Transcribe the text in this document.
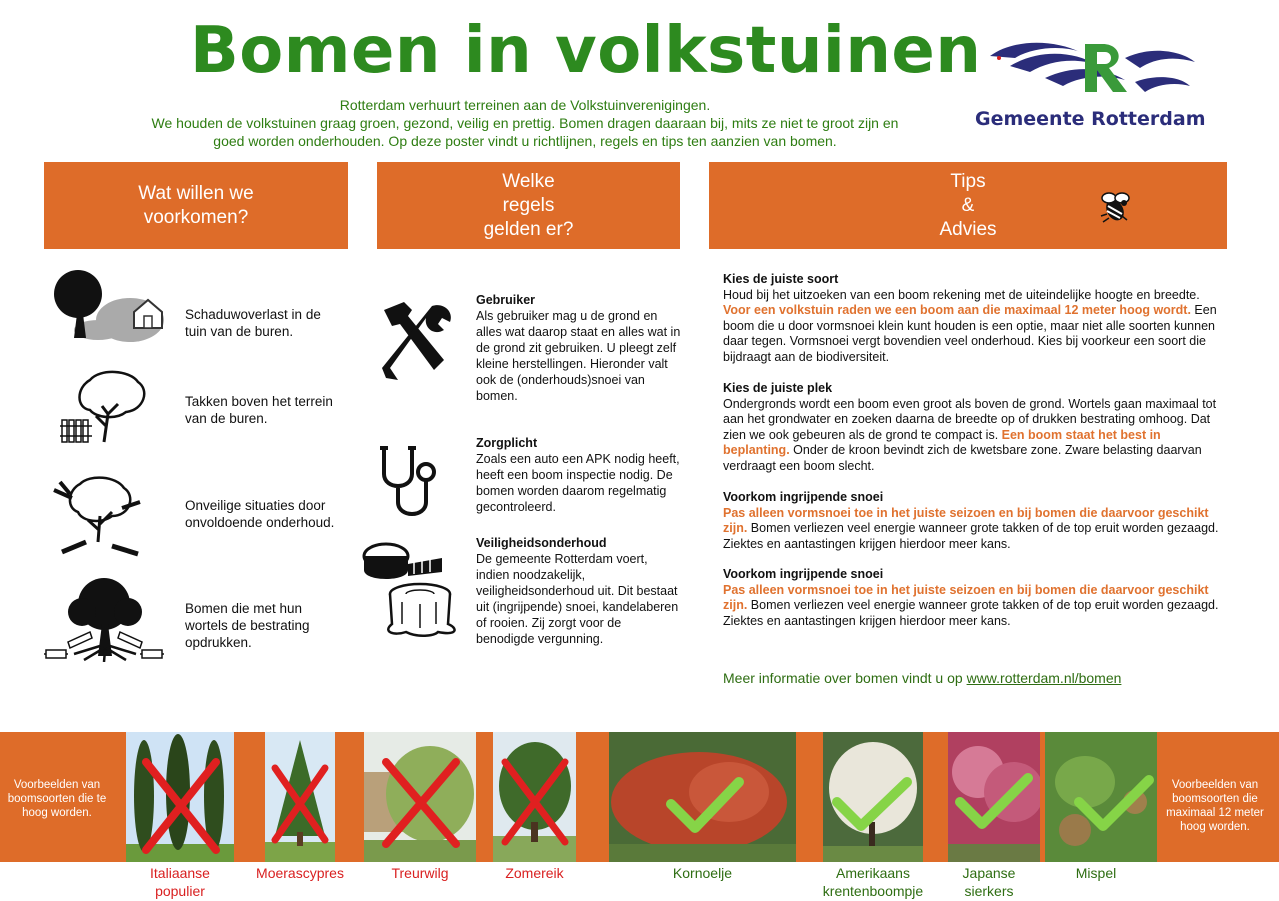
Bomen in volkstuinen
Rotterdam verhuurt terreinen aan de Volkstuinverenigingen.
We houden de volkstuinen graag groen, gezond, veilig en prettig. Bomen dragen daaraan bij, mits ze niet te groot zijn en
goed worden onderhouden. Op deze poster vindt u richtlijnen, regels en tips ten aanzien van bomen.
Gemeente Rotterdam
Wat willen we
voorkomen?
Welke
regels
gelden er?
Tips
&
Advies
Schaduwoverlast in de tuin van de buren.
Takken boven het terrein van de buren.
Onveilige situaties door onvoldoende onderhoud.
Bomen die met hun wortels de bestrating opdrukken.
Gebruiker
Als gebruiker mag u de grond en alles wat daarop staat en alles wat in de grond zit gebruiken. U pleegt zelf kleine herstellingen. Hieronder valt ook de (onderhouds)snoei van bomen.
Zorgplicht
Zoals een auto een APK nodig heeft, heeft een boom inspectie nodig. De bomen worden daarom regelmatig gecontroleerd.
Veiligheidsonderhoud
De gemeente Rotterdam voert, indien noodzakelijk, veiligheidsonderhoud uit. Dit bestaat uit (ingrijpende) snoei, kandelaberen of rooien. Zij zorgt voor de benodigde vergunning.
Kies de juiste soort
Houd bij het uitzoeken van een boom rekening met de uiteindelijke hoogte en breedte. Voor een volkstuin raden we een boom aan die maximaal 12 meter hoog wordt. Een boom die u door vormsnoei klein kunt houden is een optie, maar niet alle soorten kunnen daar tegen. Vormsnoei vergt bovendien veel onderhoud. Kies bij voorkeur een soort die bijdraagt aan de biodiversiteit.
Kies de juiste plek
Ondergronds wordt een boom even groot als boven de grond. Wortels gaan maximaal tot aan het grondwater en zoeken daarna de breedte op of drukken bestrating omhoog. Dat zien we ook gebeuren als de grond te compact is. Een boom staat het best in beplanting. Onder de kroon bevindt zich de kwetsbare zone. Zware belasting daarvan verdraagt een boom slecht.
Voorkom ingrijpende snoei
Pas alleen vormsnoei toe in het juiste seizoen en bij bomen die daarvoor geschikt zijn. Bomen verliezen veel energie wanneer grote takken of de top eruit worden gezaagd. Ziektes en aantastingen krijgen hierdoor meer kans.
Voorkom ingrijpende snoei
Pas alleen vormsnoei toe in het juiste seizoen en bij bomen die daarvoor geschikt zijn. Bomen verliezen veel energie wanneer grote takken of de top eruit worden gezaagd. Ziektes en aantastingen krijgen hierdoor meer kans.
Meer informatie over bomen vindt u op www.rotterdam.nl/bomen
Voorbeelden van boomsoorten die te hoog worden.
Voorbeelden van boomsoorten die maximaal 12 meter hoog worden.
Italiaanse populier
Moerascypres	Treurwilg	Zomereik	Kornoelje	Amerikaans krentenboompje
Japanse sierkers
Mispel
